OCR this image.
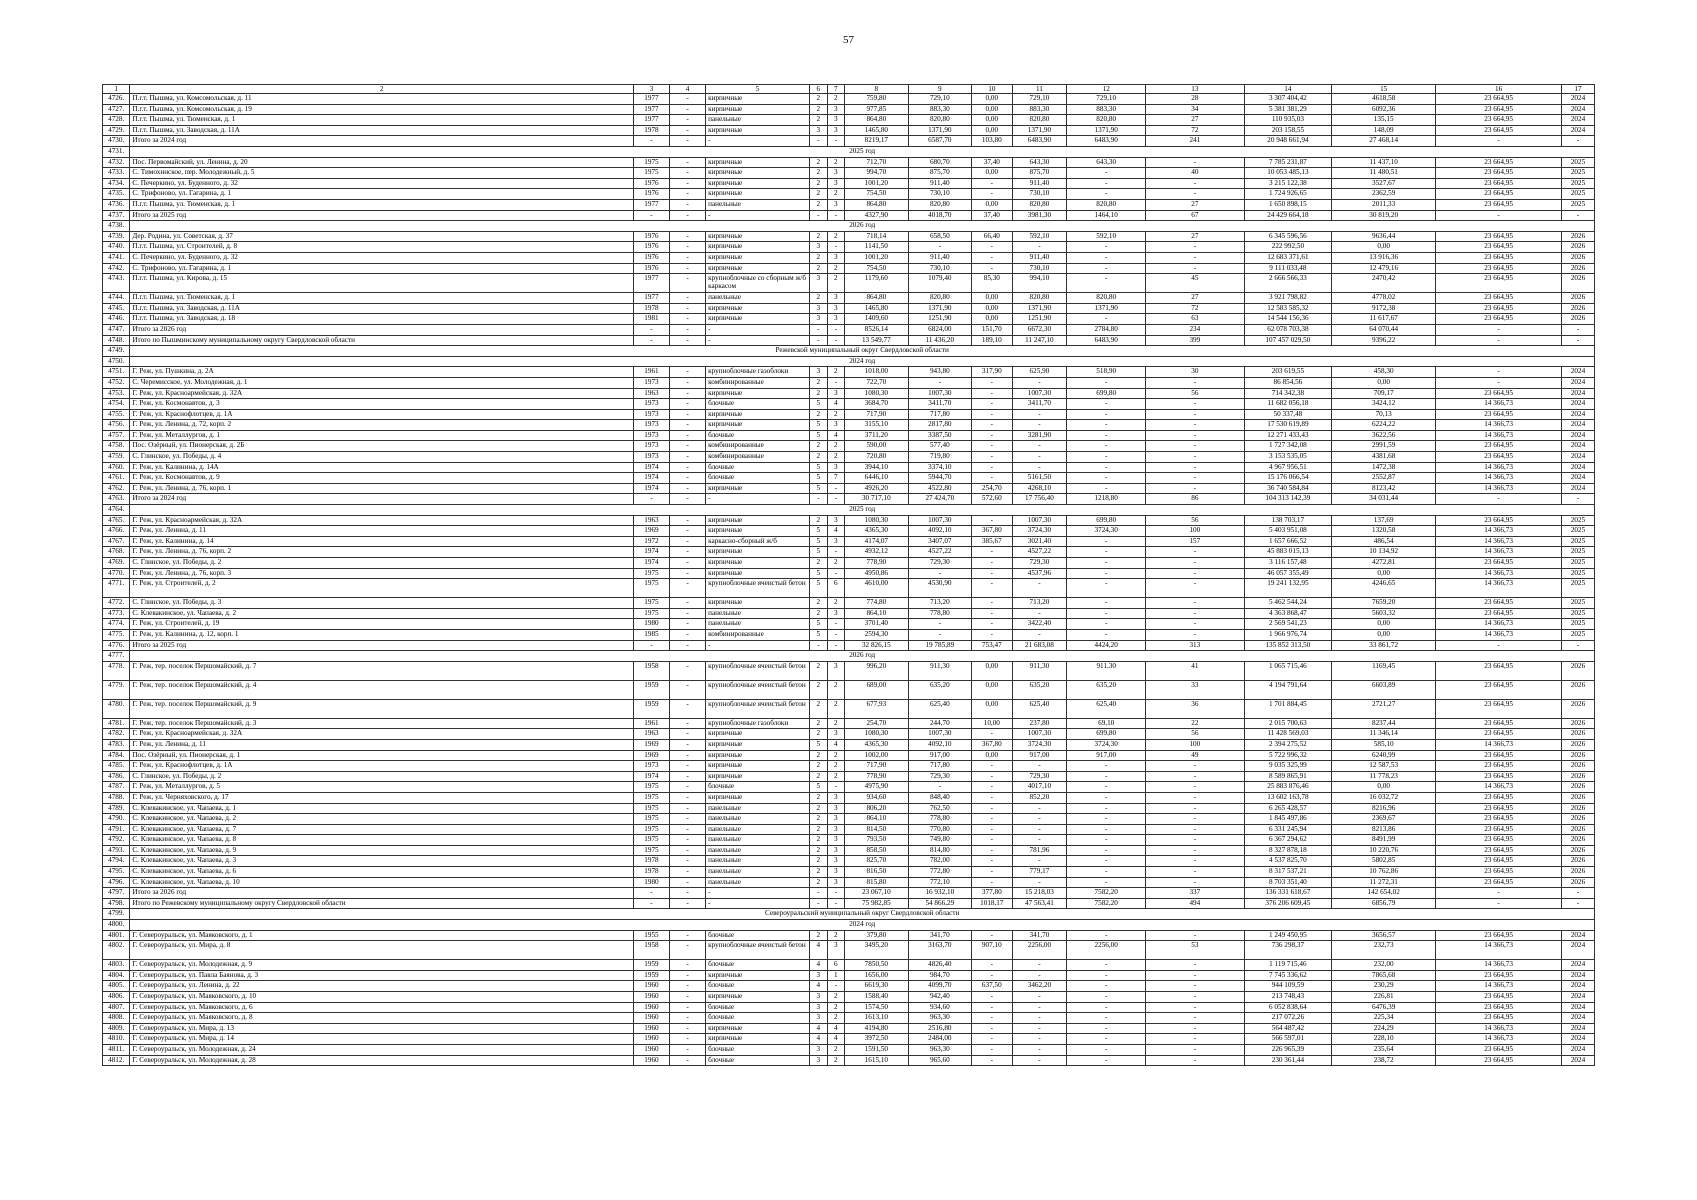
57
1	2	3	4	5	6	7	8	9	10	11	12	13	14	15	16	17
4726.	П.г.т. Пышма, ул. Комсомольская, д. 11	1977	-	кирпичные	2	2	759,80	729,10	0,00	729,10	729,10	28	3 307 404,42	4618,58	23 664,95	2024
4727.	П.г.т. Пышма, ул. Комсомольская, д. 19	1977	-	кирпичные	2	3	977,85	883,30	0,00	883,30	883,30	34	5 381 381,29	6092,36	23 664,95	2024
4728.	П.г.т. Пышма, ул. Тюменская, д. 1	1977	-	панельные	2	3	864,80	820,80	0,00	820,80	820,80	27	110 935,03	135,15	23 664,95	2024
4729.	П.г.т. Пышма, ул. Заводская, д. 11А	1978	-	кирпичные	3	3	1465,80	1371,90	0,00	1371,90	1371,90	72	203 158,55	148,09	23 664,95	2024
4730.	Итого за 2024 год	-	-	-	-	-	8219,17	6587,70	103,80	6483,90	6483,90	241	20 948 661,94	27 468,14	-	-
4731.	2025 год															
4732.	Пос. Первомайский, ул. Ленина, д. 20	1975	-	кирпичные	2	2	712,70	680,70	37,40	643,30	643,30	-	7 785 231,87	11 437,10	23 664,95	2025
4733.	С. Тимохинское, пер. Молодежный, д. 5	1975	-	кирпичные	2	3	994,70	875,70	0,00	875,70	-	40	10 053 485,13	11 480,51	23 664,95	2025
4734.	С. Печеркино, ул. Буденного, д. 32	1976	-	кирпичные	2	3	1001,20	911,40	-	911,40	-	-	3 215 122,38	3527,67	23 664,95	2025
4735.	С. Трифоново, ул. Гагарина, д. 1	1976	-	кирпичные	2	2	754,50	730,10	-	730,10	-	-	1 724 926,65	2362,59	23 664,95	2025
4736.	П.г.т. Пышма, ул. Тюменская, д. 1	1977	-	панельные	2	3	864,80	820,80	0,00	820,80	820,80	27	1 650 898,15	2011,33	23 664,95	2025
4737.	Итого за 2025 год	-	-	-	-	-	4327,90	4018,70	37,40	3981,30	1464,10	67	24 429 664,18	30 819,20	-	-
4738.	2026 год															
4739.	Дер. Родина, ул. Советская, д. 37	1976	-	кирпичные	2	2	718,14	658,50	66,40	592,10	592,10	27	6 345 596,56	9636,44	23 664,95	2026
4740.	П.г.т. Пышма, ул. Строителей, д. 8	1976	-	кирпичные	3	-	1141,50	-	-	-	-	-	222 992,50	0,00	23 664,95	2026
4741.	С. Печеркино, ул. Буденного, д. 32	1976	-	кирпичные	2	3	1001,20	911,40	-	911,40	-	-	12 683 371,61	13 916,36	23 664,95	2026
4742.	С. Трифоново, ул. Гагарина, д. 1	1976	-	кирпичные	2	2	754,50	730,10	-	730,10	-	-	9 111 033,48	12 479,16	23 664,95	2026
4743.	П.г.т. Пышма, ул. Кирова, д. 15	1977	-	крупноблочные со сборным ж/б каркасом	3	2	1179,60	1079,40	85,30	994,10	-	45	2 666 566,33	2470,42	23 664,95	2026
4744.	П.г.т. Пышма, ул. Тюменская, д. 1	1977	-	панельные	2	3	864,80	820,80	0,00	820,80	820,80	27	3 921 798,82	4778,02	23 664,95	2026
4745.	П.г.т. Пышма, ул. Заводская, д. 11А	1978	-	кирпичные	3	3	1465,80	1371,90	0,00	1371,90	1371,90	72	12 583 585,32	9172,38	23 664,95	2026
4746.	П.г.т. Пышма, ул. Заводская, д. 18	1981	-	кирпичные	3	3	1409,60	1251,90	0,00	1251,90	-	63	14 544 156,36	11 617,67	23 664,95	2026
4747.	Итого за 2026 год	-	-	-	-	-	8526,14	6824,00	151,70	6672,30	2784,80	234	62 078 703,38	64 070,44	-	-
4748.	Итого по Пышминскому муниципальному округу Свердловской области	-	-	-	-	-	13 549,77	11 436,20	189,10	11 247,10	6483,90	399	107 457 029,50	9396,22	-	-
4749.	Режевской муниципальный округ Свердловской области															
4750.	2024 год															
4751.	Г. Реж, ул. Пушкина, д. 2А	1961	-	крупноблочные газоблоки	3	2	1018,00	943,80	317,90	625,90	518,90	30	203 619,55	458,30	-	2024
4752.	С. Черемисское, ул. Молодежная, д. 1	1973	-	комбинированные	2	-	722,70	-	-	-	-	-	86 854,56	0,00	-	2024
4753.	Г. Реж, ул. Красноармейская, д. 32А	1963	-	кирпичные	2	3	1080,30	1007,30	-	1007,30	699,80	56	714 342,38	709,17	23 664,95	2024
4754.	Г. Реж, ул. Космонавтов, д. 3	1973	-	блочные	5	4	3684,70	3411,70	-	3411,70	-	-	11 682 056,18	3424,12	14 366,73	2024
4755.	Г. Реж, ул. Краснофлотцев, д. 1А	1973	-	кирпичные	2	2	717,90	717,80	-	-	-	-	50 337,48	70,13	23 664,95	2024
4756.	Г. Реж, ул. Ленина, д. 72, корп. 2	1973	-	кирпичные	5	3	3155,10	2817,80	-	-	-	-	17 530 619,89	6224,22	14 366,73	2024
4757.	Г. Реж, ул. Металлургов, д. 1	1973	-	блочные	5	4	3711,20	3387,50	-	3281,90	-	-	12 271 433,43	3622,56	14 366,73	2024
4758.	Пос. Озёрный, ул. Пионерская, д. 2Б	1973	-	комбинированные	2	2	590,00	577,40	-	-	-	-	1 727 342,08	2991,59	23 664,95	2024
4759.	С. Глинское, ул. Победы, д. 4	1973	-	комбинированные	2	2	720,80	719,80	-	-	-	-	3 153 535,05	4381,68	23 664,95	2024
4760.	Г. Реж, ул. Калинина, д. 14А	1974	-	блочные	5	3	3944,10	3374,10	-	-	-	-	4 967 956,51	1472,38	14 366,73	2024
4761.	Г. Реж, ул. Космонавтов, д. 9	1974	-	блочные	5	7	6446,10	5944,70	-	5161,50	-	-	15 176 066,54	2552,87	14 366,73	2024
4762.	Г. Реж, ул. Ленина, д. 76, корп. 1	1974	-	кирпичные	5	-	4926,20	4522,80	254,70	4268,10	-	-	36 740 584,84	8123,42	14 366,73	2024
4763.	Итого за 2024 год	-	-	-	-	-	30 717,10	27 424,70	572,60	17 756,40	1218,80	86	104 313 142,39	34 031,44	-	-
4764.	2025 год															
4765.	Г. Реж, ул. Красноармейская, д. 32А	1963	-	кирпичные	2	3	1080,30	1007,30	-	1007,30	699,80	56	138 703,17	137,69	23 664,95	2025
4766.	Г. Реж, ул. Ленина, д. 11	1969	-	кирпичные	5	4	4365,30	4092,10	367,80	3724,30	3724,30	100	5 403 951,08	1320,58	14 366,73	2025
4767.	Г. Реж, ул. Калинина, д. 14	1972	-	каркасно-сборный ж/б	5	3	4174,07	3407,07	385,67	3021,40	-	157	1 657 666,52	486,54	14 366,73	2025
4768.	Г. Реж, ул. Ленина, д. 76, корп. 2	1974	-	кирпичные	5	-	4932,12	4527,22	-	4527,22	-	-	45 883 015,13	10 134,92	14 366,73	2025
4769.	С. Глинское, ул. Победы, д. 2	1974	-	кирпичные	2	2	778,90	729,30	-	729,30	-	-	3 116 157,48	4272,81	23 664,95	2025
4770.	Г. Реж, ул. Ленина, д. 76, корп. 3	1975	-	кирпичные	5	-	4950,86	-	-	4537,96	-	-	46 057 355,49	0,00	14 366,73	2025
4771.	Г. Реж, ул. Строителей, д. 2	1975	-	крупноблочные ячеистый бетон	5	6	4610,00	4530,90	-	-	-	-	19 241 132,95	4246,65	14 366,73	2025
4772.	С. Глинское, ул. Победы, д. 3	1975	-	кирпичные	2	2	774,80	713,20	-	713,20	-	-	5 462 544,24	7659,20	23 664,95	2025
4773.	С. Клевакинское, ул. Чапаева, д. 2	1975	-	панельные	2	3	864,10	778,80	-	-	-	-	4 363 868,47	5603,32	23 664,95	2025
4774.	Г. Реж, ул. Строителей, д. 19	1980	-	панельные	5	-	3701,40	-	-	3422,40	-	-	2 569 541,23	0,00	14 366,73	2025
4775.	Г. Реж, ул. Калинина, д. 12, корп. 1	1985	-	комбинированные	5	-	2594,30	-	-	-	-	-	1 966 976,74	0,00	14 366,73	2025
4776.	Итого за 2025 год	-	-	-	-	-	32 826,15	19 785,89	753,47	21 683,08	4424,20	313	135 852 313,50	33 861,72	-	-
4777.	2026 год															
4778.	Г. Реж, тер. поселок Першомайский, д. 7	1958	-	крупноблочные ячеистый бетон	2	3	996,20	911,30	0,00	911,30	911,30	41	1 065 715,46	1169,45	23 664,95	2026
4779.	Г. Реж, тер. поселок Першомайский, д. 4	1959	-	крупноблочные ячеистый бетон	2	2	689,00	635,20	0,00	635,20	635,20	33	4 194 791,64	6603,89	23 664,95	2026
4780.	Г. Реж, тер. поселок Першомайский, д. 9	1959	-	крупноблочные ячеистый бетон	2	2	677,93	625,40	0,00	625,40	625,40	36	1 701 884,45	2721,27	23 664,95	2026
4781.	Г. Реж, тер. поселок Першомайский, д. 3	1961	-	крупноблочные газоблоки	2	2	254,70	244,70	10,00	237,80	69,10	22	2 015 700,63	8237,44	23 664,95	2026
4782.	Г. Реж, ул. Красноармейская, д. 32А	1963	-	кирпичные	2	3	1080,30	1007,30	-	1007,30	699,80	56	11 428 569,03	11 346,14	23 664,95	2026
4783.	Г. Реж, ул. Ленина, д. 11	1969	-	кирпичные	5	4	4365,30	4092,10	367,80	3724,30	3724,30	100	2 394 275,52	585,10	14 366,73	2026
4784.	Пос. Озёрный, ул. Пионерская, д. 1	1969	-	кирпичные	2	2	1002,00	917,00	0,00	917,00	917,00	49	5 722 996,32	6240,99	23 664,95	2026
4785.	Г. Реж, ул. Краснофлотцев, д. 1А	1973	-	кирпичные	2	2	717,90	717,80	-	-	-	-	9 035 325,99	12 587,53	23 664,95	2026
4786.	С. Глинское, ул. Победы, д. 2	1974	-	кирпичные	2	2	778,90	729,30	-	729,30	-	-	8 589 865,91	11 778,23	23 664,95	2026
4787.	Г. Реж, ул. Металлургов, д. 5	1975	-	блочные	5	-	4975,90	-	-	4017,10	-	-	25 883 876,46	0,00	14 366,73	2026
4788.	Г. Реж, ул. Черняховского, д. 17	1975	-	кирпичные	2	3	934,60	848,40	-	852,20	-	-	13 602 163,78	16 032,72	23 664,95	2026
4789.	С. Клевакинское, ул. Чапаева, д. 1	1975	-	панельные	2	3	806,20	762,50	-	-	-	-	6 265 428,57	8216,96	23 664,95	2026
4790.	С. Клевакинское, ул. Чапаева, д. 2	1975	-	панельные	2	3	864,10	778,80	-	-	-	-	1 845 497,86	2369,67	23 664,95	2026
4791.	С. Клевакинское, ул. Чапаева, д. 7	1975	-	панельные	2	3	814,50	770,80	-	-	-	-	6 331 245,94	8213,86	23 664,95	2026
4792.	С. Клевакинское, ул. Чапаева, д. 8	1975	-	панельные	2	3	793,50	749,80	-	-	-	-	6 367 294,62	8491,99	23 664,95	2026
4793.	С. Клевакинское, ул. Чапаева, д. 9	1975	-	панельные	2	3	858,50	814,80	-	781,96	-	-	8 327 878,18	10 220,76	23 664,95	2026
4794.	С. Клевакинское, ул. Чапаева, д. 3	1978	-	панельные	2	3	825,70	782,00	-	-	-	-	4 537 825,70	5802,85	23 664,95	2026
4795.	С. Клевакинское, ул. Чапаева, д. 6	1978	-	панельные	2	3	816,50	772,80	-	779,17	-	-	8 317 537,21	10 762,86	23 664,95	2026
4796.	С. Клевакинское, ул. Чапаева, д. 10	1980	-	панельные	2	3	815,80	772,10	-	-	-	-	8 703 351,40	11 272,31	23 664,95	2026
4797.	Итого за 2026 год	-	-	-	-	-	23 067,10	16 932,10	377,80	15 218,03	7582,20	337	136 331 618,67	142 654,02	-	-
4798.	Итого по Режевскому муниципальному округу Свердловской области	-	-	-	-	-	75 982,85	54 866,29	1018,17	47 563,41	7582,20	494	376 206 609,45	6856,79	-	-
4799.	Североуральский муниципальный округ Свердловской области															
4800.	2024 год															
4801.	Г. Североуральск, ул. Маяковского, д. 1	1955	-	блочные	2	2	379,80	341,70	-	341,70	-	-	1 249 450,95	3656,57	23 664,95	2024
4802.	Г. Североуральск, ул. Мира, д. 8	1958	-	крупноблочные ячеистый бетон	4	3	3495,20	3163,70	907,10	2256,00	2256,00	53	736 298,37	232,73	14 366,73	2024
4803.	Г. Североуральск, ул. Молодежная, д. 9	1959	-	блочные	4	6	7850,50	4826,40	-	-	-	-	1 119 715,46	232,00	14 366,73	2024
4804.	Г. Североуральск, ул. Павла Баянова, д. 3	1959	-	кирпичные	3	1	1656,00	984,70	-	-	-	-	7 745 336,62	7865,68	23 664,95	2024
4805.	Г. Североуральск, ул. Ленина, д. 22	1960	-	блочные	4	-	6619,30	4099,70	637,50	3462,20	-	-	944 109,59	230,29	14 366,73	2024
4806.	Г. Североуральск, ул. Маяковского, д. 10	1960	-	кирпичные	3	2	1588,40	942,40	-	-	-	-	213 748,43	226,81	23 664,95	2024
4807.	Г. Североуральск, ул. Маяковского, д. 6	1960	-	блочные	3	2	1574,50	934,60	-	-	-	-	6 052 838,64	6476,39	23 664,95	2024
4808.	Г. Североуральск, ул. Маяковского, д. 8	1960	-	блочные	3	2	1613,10	963,30	-	-	-	-	217 072,26	225,34	23 664,95	2024
4809.	Г. Североуральск, ул. Мира, д. 13	1960	-	кирпичные	4	4	4194,80	2516,80	-	-	-	-	564 487,42	224,29	14 366,73	2024
4810.	Г. Североуральск, ул. Мира, д. 14	1960	-	кирпичные	4	4	3972,50	2484,00	-	-	-	-	566 597,01	228,10	14 366,73	2024
4811.	Г. Североуральск, ул. Молодежная, д. 24	1960	-	блочные	3	2	1591,50	963,30	-	-	-	-	226 965,39	235,64	23 664,95	2024
4812.	Г. Североуральск, ул. Молодежная, д. 28	1960	-	блочные	3	2	1615,10	965,60	-	-	-	-	230 361,44	238,72	23 664,95	2024
